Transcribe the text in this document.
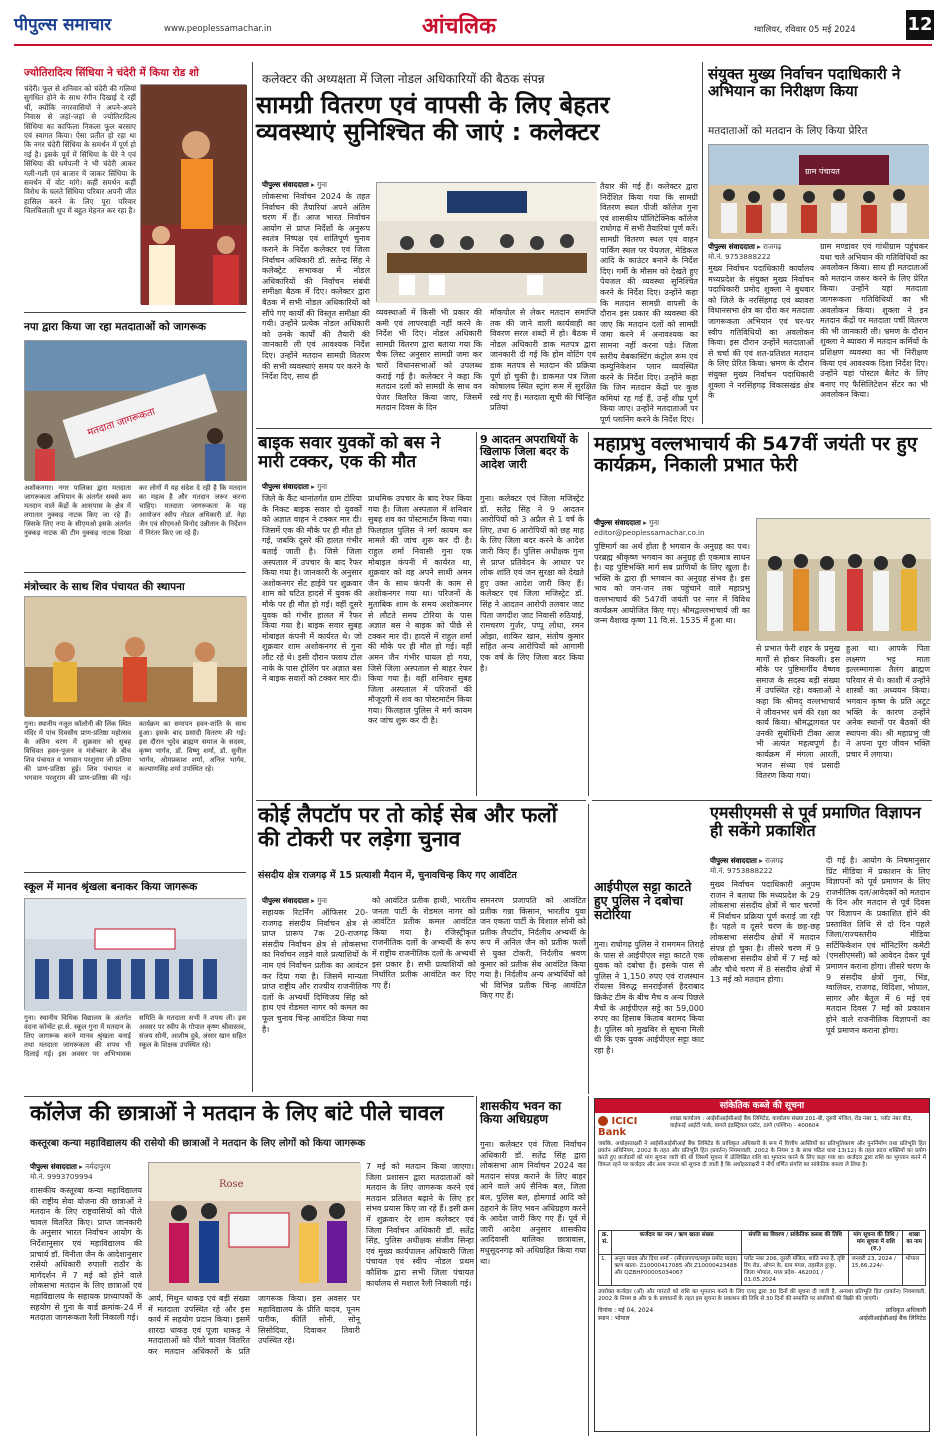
पीपुल्स समाचार	www.peoplessamachar.in	आंचलिक	ग्वालियर, रविवार 05 मई 2024	12
ज्योतिरादित्य सिंधिया ने चंदेरी में किया रोड शो
चंदेरी। फूल से शनिवार को चंदेरी की गलियां सुगंधित होने के साथ रंगीन दिखाई दे रहीं थीं, क्योंकि नगरवासियों ने अपने-अपने निवास से जहां-जहां से ज्योतिरादित्य सिंधिया का काफिला निकला फूल बरसाए एवं स्वागत किया। ऐसा प्रतीत हो रहा था कि नगर चंदेरी सिंधिया के समर्थन में पूर्ण हो गई है। इसके पूर्व में सिंधिया के घेरे ने एवं सिंधिया की धर्मपत्नी ने भी चंदेरी आकर गली-गली एवं बाजार में जाकर सिंधिया के समर्थन में वोट मांगे। कहीं समर्थन कहीं विरोध के चलते सिंधिया परिवार अपनी जीत हासिल करने के लिए पूरा परिवार चिलचिलाती धूप में बहुत मेहनत कर रहा है।
नपा द्वारा किया जा रहा मतदाताओं को जागरूक
मतदाता जागरूकता
अशोकनगर। नगर पालिका द्वारा मतदाता जागरूकता अभियान के अंतर्गत सबसे कम मतदान वाले केंद्रों के आसपास के क्षेत्र में लगातार नुक्कड़ नाटक किए जा रहे हैं। जिसके लिए नपा के सीएमओ इसके अंतर्गत नुक्कड़ नाटक की टीम नुक्कड़ नाटक दिखा कर लोगों में यह संदेश दे रही है कि मतदान का महत्व है और मतदान जरूर करना चाहिए। मतदाता जागरूकता के यह आयोजन स्वीप नोडल अधिकारी डॉ. नेहा जैन एवं सीएमओ विनोद उन्नीतान के निर्देशन में निरंतर किए जा रहे हैं।
मंत्रोच्चार के साथ शिव पंचायत की स्थापना
गुना। स्थानीय नजूल कॉलोनी की लिंक स्थित मंदिर में पांच दिवसीय प्राण-प्रतिष्ठा महोत्सव के अंतिम चरण में शुक्रवार को सुबह विधिवत हवन-पूजन व मंत्रोच्चार के बीच शिव पंचायत व भगवान परशुराम जी प्रतिमा की प्राण-प्रतिष्ठा हुई। शिव पंचायत व भगवान परशुराम की प्राण-प्रतिष्ठा की गई। कार्यक्रम का समापन हवन-शांति के साथ हुआ। इसके बाद प्रसादी वितरण की गई। इस दौरान भूदेव ब्राह्मण समाज के सदस्य, कृष्ण भार्गव, डॉ. विष्णु शर्मा, डॉ. सुनील भार्गव, ओमप्रकाश शर्मा, अनिल भार्गव, कल्याणसिंह शर्मा उपस्थित रहे।
स्कूल में मानव श्रृंखला बनाकर किया जागरूक
गुना। स्थानीय विधिक विद्यालय के अंतर्गत वंदना कॉन्वेंट हा.से. स्कूल गुना में मतदान के लिए जागरूक करने मानव श्रृंखला बनाई तथा मतदाता जागरूकता की शपथ भी दिलाई गई। इस अवसर पर अभिभावक समिति के मतदाता सभी ने शपथ ली। इस अवसर पर स्वीप के गोपाल कृष्ण श्रीवास्तव, संजय सोनी, आशीष दुबे, अंसार खान सहित स्कूल के शिक्षक उपस्थित रहे।
कलेक्टर की अध्यक्षता में जिला नोडल अधिकारियों की बैठक संपन्न
सामग्री वितरण एवं वापसी के लिए बेहतर व्यवस्थाएं सुनिश्चित की जाएं : कलेक्टर
पीपुल्स संवाददाता ▸ गुना
लोकसभा निर्वाचन 2024 के तहत निर्वाचन की तैयारियां अपने अंतिम चरण में हैं। आज भारत निर्वाचन आयोग से प्राप्त निर्देशों के अनुरूप स्वतंत्र निष्पक्ष एवं शांतिपूर्ण चुनाव कराने के निर्देश कलेक्टर एवं जिला निर्वाचन अधिकारी डॉ. सतेन्द्र सिंह ने कलेक्ट्रेट सभाकक्ष में नोडल अधिकारियों की निर्वाचन संबंधी समीक्षा बैठक में दिए। कलेक्टर द्वारा बैठक में सभी नोडल अधिकारियों को सौंपे गए कार्यों की विस्तृत समीक्षा की गयी। उन्होंने प्रत्येक नोडल अधिकारी को उनके कार्यों की तैयारी की जानकारी ली एवं आवश्यक निर्देश दिए। उन्होंने मतदान सामग्री वितरण की सभी व्यवस्थाएं समय पर करने के निर्देश दिए, साथ ही
व्यवस्थाओं में किसी भी प्रकार की कमी एवं लापरवाही नहीं करने के निर्देश भी दिए। नोडल अधिकारी सामग्री वितरण द्वारा बताया गया कि चैक लिस्ट अनुसार सामग्री जमा कर चारों विधानसभाओं को उपलब्ध कराई गई है। कलेक्टर ने कहा कि मतदान दलों को सामग्री के साथ वन पेजर वितरित किया जाए, जिसमें मतदान दिवस के दिन
मॉकपोल से लेकर मतदान समाप्ति तक की जाने वाली कार्यवाही का विवरण सरल शब्दों में हो। बैठक में नोडल अधिकारी डाक मतपत्र द्वारा जानकारी दी गई कि होम वोटिंग एवं डाक मतपत्र से मतदान की प्रक्रिया पूर्ण हो चुकी है। डाकमत पत्र जिला कोषालय स्थित स्ट्रांग रूम में सुरक्षित रखे गए हैं। मतदाता सूची की चिन्हित प्रतियां
तैयार की गई हैं। कलेक्टर द्वारा निर्देशित किया गया कि सामग्री वितरण स्थल पीजी कॉलेज गुना एवं शासकीय पॉलिटेक्निक कॉलेज राघोगढ़ में सभी तैयारियां पूर्ण करें। सामग्री वितरण स्थल एवं वाहन पार्किंग स्थल पर पेयजल, मेडिकल आदि के काउंटर बनाने के निर्देश दिए। गर्मी के मौसम को देखते हुए पेयजल की व्यवस्था सुनिश्चित करने के निर्देश दिए। उन्होंने कहा कि मतदान सामग्री वापसी के दौरान इस प्रकार की व्यवस्था की जाए कि मतदान दलों को सामग्री जमा करने में अनावश्यक का सामना नहीं करना पड़े। जिला स्तरीय वेबकास्टिंग कंट्रोल रूम एवं कम्युनिकेशन प्लान व्यवस्थित करने के निर्देश दिए। उन्होंने कहा कि जिन मतदान केंद्रों पर कुछ कमियां रह गई हैं, उन्हें शीघ्र पूर्ण किया जाए। उन्होंने मतदाताओं पर पूर्ण प्लानिंग करने के निर्देश दिए।
संयुक्त मुख्य निर्वाचन पदाधिकारी ने अभियान का निरीक्षण किया
मतदाताओं को मतदान के लिए किया प्रेरित
ग्राम पंचायत
पीपुल्स संवाददाता ▸ राजगढ़
मो.नं. 9753888222
मुख्य निर्वाचन पदाधिकारी कार्यालय मध्यप्रदेश के संयुक्त मुख्य निर्वाचन पदाधिकारी प्रमोद शुक्ला ने बुधवार को जिले के नरसिंहगढ़ एवं ब्यावरा विधानसभा क्षेत्र का दौरा कर मतदाता जागरूकता अभियान एवं घर-घर स्वीप गतिविधियों का अवलोकन किया। इस दौरान उन्होंने मतदाताओं से चर्चा की एवं शत-प्रतिशत मतदान के लिए प्रेरित किया। भ्रमण के दौरान संयुक्त मुख्य निर्वाचन पदाधिकारी शुक्ला ने नरसिंहगढ़ विकासखंड क्षेत्र के
ग्राम मण्डावर एवं गांधीग्राम पहुंचकर यथा चले अभियान की गतिविधियों का अवलोकन किया। साथ ही मतदाताओं को मतदान जरूर करने के लिए प्रेरित किया। उन्होंने यहां मतदाता जागरूकता गतिविधियों का भी अवलोकन किया। शुक्ला ने इन मतदान केंद्रों पर मतदाता पर्ची वितरण की भी जानकारी ली। भ्रमण के दौरान शुक्ला ने ब्यावरा में मतदान कर्मियों के प्रशिक्षण व्यवस्था का भी निरीक्षण किया एवं आवश्यक दिशा निर्देश दिए। उन्होंने यहां पोस्टल बैलेट के लिए बनाए गए फैसिलिटेशन सेंटर का भी अवलोकन किया।
बाइक सवार युवकों को बस ने मारी टक्कर, एक की मौत
पीपुल्स संवाददाता ▸ गुना
जिले के कैंट थानांतर्गत ग्राम टोरिया के निकट बाइक सवार दो युवकों को अज्ञात वाहन ने टक्कर मार दी। जिसमें एक की मौके पर ही मौत हो गई, जबकि दूसरे की हालत गंभीर बताई जाती है। जिसे जिला अस्पताल में उपचार के बाद रैफर किया गया है। जानकारी के अनुसार अशोकनगर सेंट हाईवे पर शुक्रवार शाम को घटित हादसे में युवक की मौके पर ही मौत हो गई। वहीं दूसरे युवक को गंभीर हालत में रैफर किया गया है। बाइक सवार सुबह मोबाइल कंपनी में कार्यरत थे। जो शुक्रवार शाम अशोकनगर से गुना लौट रहे थे। इसी दौरान फ्लाय टोल नाके के पास ट्रोलिंग पर अज्ञात बस ने बाइक सवारों को टक्कर मार दी।
प्राथमिक उपचार के बाद रेफर किया गया है। जिला अस्पताल में शनिवार सुबह शव का पोस्टमार्टम किया गया। फिलहाल पुलिस ने मर्ग कायम कर मामले की जांच शुरू कर दी है। राहुल शर्मा निवासी गुना एक मोबाइल कंपनी में कार्यरत था, शुक्रवार को वह अपने साथी अमन जैन के साथ कंपनी के काम से अशोकनगर गया था। परिजनों के मुताबिक शाम के समय अशोकनगर से लौटते समय टोरिया के पास अज्ञात बस ने बाइक को पीछे से टक्कर मार दी। हादसे में राहुल शर्मा की मौके पर ही मौत हो गई। वहीं अमन जैन गंभीर घायल हो गया, जिसे जिला अस्पताल से बाहर रेफर किया गया है। वहीं शनिवार सुबह जिला अस्पताल में परिजनों की मौजूदगी में शव का पोस्टमार्टम किया गया। फिलहाल पुलिस ने मर्ग कायम कर जांच शुरू कर दी है।
9 आदतन अपराधियों के खिलाफ जिला बदर के आदेश जारी
गुना। कलेक्टर एवं जिला मजिस्ट्रेट डॉ. सतेंद्र सिंह ने 9 आदतन आरोपियों को 3 अप्रैल से 1 वर्ष के लिए, तथा 6 आरोपियों को छह माह के लिए जिला बदर करने के आदेश जारी किए हैं। पुलिस अधीक्षक गुना से प्राप्त प्रतिवेदन के आधार पर लोक शांति एवं जन सुरक्षा को देखते हुए उक्त आदेश जारी किए हैं। कलेक्टर एवं जिला मजिस्ट्रेट डॉ. सिंह ने आदतन आरोपी तलवार जाट पिता जगदीश जाट निवासी रुठियाई, रामचरण गुर्जर, पप्पू लोधा, रमन ओझा, शाकिर खान, संतोष कुमार सहित अन्य आरोपियों को आगामी एक वर्ष के लिए जिला बदर किया है।
महाप्रभु वल्लभाचार्य की 547वीं जयंती पर हुए कार्यक्रम, निकाली प्रभात फेरी
पीपुल्स संवाददाता ▸ गुना
editor@peoplessamachar.co.in
पुष्टिमार्ग का अर्थ होता है भगवान के अनुग्रह का पथ। परब्रह्म श्रीकृष्ण भगवान का अनुग्रह ही एकमात्र साधन है। यह पुष्टिभक्ति मार्ग सब प्राणियों के लिए खुला है। भक्ति के द्वारा ही भगवान का अनुग्रह संभव है। इस भाव को जन-जन तक पहुंचाने वाले महाप्रभु वल्लभाचार्य की 547वीं जयंती पर नगर में विविध कार्यक्रम आयोजित किए गए। श्रीमद्वल्लभाचार्य जी का जन्म वैशाख कृष्ण 11 वि.सं. 1535 में हुआ था।
से प्रभात फेरी शहर के प्रमुख मार्गों से होकर निकली। इस मौके पर पुष्टिमार्गीय वैष्णव समाज के सदस्य बड़ी संख्या में उपस्थित रहे। वक्ताओं ने कहा कि श्रीमद् वल्लभाचार्य ने जीवनभर धर्म की रक्षा का कार्य किया। श्रीमद्भागवत पर उनकी सुबोधिनी टीका आज भी अत्यंत महत्वपूर्ण है। कार्यक्रम में मंगला आरती, भजन संध्या एवं प्रसादी वितरण किया गया।
हुआ था। आपके पिता लक्ष्मण भट्ट माता इल्लम्मागारू तैलंग ब्राह्मण परिवार से थे। काशी में उन्होंने शास्त्रों का अध्ययन किया। भगवान कृष्ण के प्रति अटूट भक्ति के कारण उन्होंने अनेक स्थानों पर बैठकों की स्थापना की। श्री महाप्रभु जी ने अपना पूरा जीवन भक्ति प्रचार में लगाया।
कोई लैपटॉप पर तो कोई सेब और फलों की टोकरी पर लड़ेगा चुनाव
संसदीय क्षेत्र राजगढ़ में 15 प्रत्याशी मैदान में, चुनावचिन्ह किए गए आवंटित
पीपुल्स संवाददाता ▸ गुना
सहायक रिटर्निंग ऑफिसर 20-राजगढ़ संसदीय निर्वाचन क्षेत्र से प्राप्त प्रारूप 7क 20-राजगढ़ संसदीय निर्वाचन क्षेत्र से लोकसभा का निर्वाचन लड़ने वाले प्रत्याशियों के नाम एवं निर्वाचन प्रतीक का आवंटन कर दिया गया है। जिसमें मान्यता प्राप्त राष्ट्रीय और राज्यीय राजनीतिक दलों के अभ्यर्थी दिग्विजय सिंह को हाथ एवं रोडमल नागर को कमल का फूल चुनाव चिन्ह आवंटित किया गया है।
को आवंटित प्रतीक हाथी, भारतीय जनता पार्टी के रोडमल नागर को आवंटित प्रतीक कमल आवंटित किया गया है। रजिस्ट्रीकृत राजनीतिक दलों के अभ्यर्थी के रूप में राष्ट्रीय राजनीतिक दलों के अभ्यर्थी इस प्रकार है। सभी प्रत्याशियों को निर्धारित प्रतीक आवंटित कर दिए गए हैं।
समनरण प्रजापति को आवंटित प्रतीक गन्ना किसान, भारतीय युवा जन एकता पार्टी के विशाल सोनी को प्रतीक लैपटॉप, निर्दलीय अभ्यर्थी के रूप में अनिल जैन को प्रतीक फलों से युक्त टोकरी, निर्दलीय श्रवण कुमार को प्रतीक सेब आवंटित किया गया है। निर्दलीय अन्य अभ्यर्थियों को भी विभिन्न प्रतीक चिन्ह आवंटित किए गए हैं।
आईपीएल सट्टा काटते हुए पुलिस ने दबोचा सटोरिया
गुना। राघोगढ़ पुलिस ने रामगमन तिराहे के पास से आईपीएल सट्टा काटते एक युवक को दबोचा है। इसके पास से पुलिस ने 1,150 रुपए एवं राजस्थान रॉयल्स विरुद्ध सनराईजर्स हैदराबाद क्रिकेट टीम के बीच मैच व अन्य पिछले मैचों के आईपीएल सट्टे का 59,000 रुपए का हिसाब किताब बरामद किया है। पुलिस को मुखबिर से सूचना मिली थी कि एक युवक आईपीएल सट्टा काट रहा है।
एमसीएमसी से पूर्व प्रमाणित विज्ञापन ही सकेंगे प्रकाशित
पीपुल्स संवाददाता ▸ राजगढ़
मो.नं. 9753888222
मुख्य निर्वाचन पदाधिकारी अनुपम राजन ने बताया कि मध्यप्रदेश के 29 लोकसभा संसदीय क्षेत्रों में चार चरणों में निर्वाचन प्रक्रिया पूर्ण कराई जा रही है। पहले व दूसरे चरण के छह-छह लोकसभा संसदीय क्षेत्रों में मतदान संपन्न हो चुका है। तीसरे चरण में 9 लोकसभा संसदीय क्षेत्रों में 7 मई को और चौथे चरण में 8 संसदीय क्षेत्रों में 13 मई को मतदान होगा।
दी गई है। आयोग के निषमानुसार प्रिंट मीडिया में प्रकाशन के लिए विज्ञापनों को पूर्व प्रमाणन के लिए राजनीतिक दल/आवेदकों को मतदान के दिन और मतदान से पूर्व दिवस पर विज्ञापन के प्रकाशित होने की प्रस्तावित तिथि से दो दिन पहले जिला/राज्यस्तरीय मीडिया सर्टिफिकेशन एवं मॉनिटरिंग कमेटी (एमसीएमसी) को आवेदन देकर पूर्व प्रमाणन कराना होगा। तीसरे चरण के 9 संसदीय क्षेत्रों गुना, भिंड, ग्वालियर, राजगढ़, विदिशा, भोपाल, सागर और बैतूल में 6 मई एवं मतदान दिवस 7 मई को प्रकाशन होने वाले राजनीतिक विज्ञापनों का पूर्व प्रमाणन कराना होगा।
शासकीय भवन का किया अधिग्रहण
गुना। कलेक्टर एवं जिला निर्वाचन अधिकारी डॉ. सतेंद्र सिंह द्वारा लोकसभा आम निर्वाचन 2024 का मतदान संपन्न कराने के लिए बाहर आने वाले अर्ध सैनिक बल, जिला बल, पुलिस बल, होमगार्ड आदि को ठहराने के लिए भवन अधिग्रहण करने के आदेश जारी किए गए हैं। पूर्व में जारी आदेश अनुसार शासकीय आदिवासी बालिका छात्रावास, मधुसूदनगढ़ को अधिग्रहित किया गया था।
कॉलेज की छात्राओं ने मतदान के लिए बांटे पीले चावल
कस्तूरबा कन्या महाविद्यालय की रासेयो की छात्राओं ने मतदान के लिए लोगों को किया जागरूक
पीपुल्स संवाददाता ▸ नर्मदापुरम
मो.नं. 9993709994
शासकीय कस्तूरबा कन्या महाविद्यालय की राष्ट्रीय सेवा योजना की छात्राओं ने मतदान के लिए राष्ट्रवासियों को पीले चावल वितरित किए। प्राप्त जानकारी के अनुसार भारत निर्वाचन आयोग के निर्देशानुसार एवं महाविद्यालय की प्राचार्य डॉ. विनीता जैन के आदेशानुसार रासेयो अधिकारी रुपाली राठौर के मार्गदर्शन में 7 मई को होने वाले लोकसभा मतदान के लिए छात्राओं एवं महाविद्यालय के सहायक प्राध्यापकों के सहयोग से गुना के वार्ड क्रमांक-24 में मतदाता जागरूकता रैली निकाली गई।
Rose
आर्य, मिथुन धाकड़ एवं बड़ी संख्या में मतदाता उपस्थित रहे और इस कार्य में सहयोग प्रदान किया। इसमें शारदा धाकड़ एवं पूजा धाकड़ ने मतदाताओं को पीले चावल वितरित कर मतदान अधिकारों के प्रति जागरूक किया। इस अवसर पर महाविद्यालय के प्रीति यादव, पूनम पारीक, कीर्ति सोनी, सोनू सिसोदिया, दिवाकर तिवारी उपस्थित रहे।
7 मई को मतदान किया जाएगा। जिला प्रशासन द्वारा मतदाताओं को मतदान के लिए जागरूक करने एवं मतदान प्रतिशत बढ़ाने के लिए हर संभव प्रयास किए जा रहे हैं। इसी क्रम में शुक्रवार देर शाम कलेक्टर एवं जिला निर्वाचन अधिकारी डॉ. सतेंद्र सिंह, पुलिस अधीक्षक संजीव सिन्हा एवं मुख्य कार्यपालन अधिकारी जिला पंचायत एवं स्वीप नोडल प्रथम कौशिक द्वारा सभी जिला पंचायत कार्यालय से मशाल रैली निकाली गई।
सांकेतिक कब्जे की सूचना
ICICI Bank
शाखा कार्यालय : आईसीआईसीआई बैंक लिमिटेड, कार्यालय संख्या 201-बी, दूसरी मंजिल, रोड नंबर 1, प्लॉट नंबर बी3, वाईफाई आईटी पार्क, वागले इंडस्ट्रियल एस्टेट, ठाणे (पश्चिम) - 400604
जबकि, अधोहस्ताक्षरी ने आईसीआईसीआई बैंक लिमिटेड के प्राधिकृत अधिकारी के रूप में वित्तीय आस्तियों का प्रतिभूतिकरण और पुनर्निर्माण तथा प्रतिभूति हित प्रवर्तन अधिनियम, 2002 के तहत और प्रतिभूति हित (प्रवर्तन) नियमावली, 2002 के नियम 3 के साथ पठित धारा 13(12) के तहत प्रदत्त शक्तियों का प्रयोग करते हुए कर्जदारों को मांग सूचना जारी की थी जिसमें सूचना में उल्लिखित राशि का भुगतान करने के लिए कहा गया था। कर्जदार द्वारा राशि का भुगतान करने में विफल रहने पर कर्जदार और आम जनता को सूचना दी जाती है कि अधोहस्ताक्षरी ने नीचे वर्णित संपत्ति का सांकेतिक कब्जा ले लिया है।
क्र. सं.	कर्जदार का नाम / ऋण खाता संख्या	संपत्ति का विवरण / सांकेतिक कब्जा की तिथि	मांग सूचना की तिथि / मांग सूचना में राशि (रु.)	शाखा का नाम
1.	अनूप यादव और दिया शर्मा - (सीएलएएच/सपुत्र प्रमोद यादव) ऋण खाता- Z10000417085 और Z10000423488 और QZBHP00005034067	प्लॉट नंबर 206, दूसरी मंजिल, शांति नगर है, दृष्टि रिंग रोड, ओपन के, ग्राम मंगल, तहसील हुजूर, जिला भोपाल, मध्य प्रदेश- 462001 / 01.05.2024	जनवरी 23, 2024 / 15,66,224/-	भोपाल
उपरोक्त कर्जदार (ओं) और गारंटरों को राशि का भुगतान करने के लिए एतद् द्वारा 30 दिनों की सूचना दी जाती है, अन्यथा प्रतिभूति हित (प्रवर्तन) नियमावली, 2002 के नियम 8 और 9 के प्रावधानों के तहत इस सूचना के प्रकाशन की तिथि से 30 दिनों की समाप्ति पर संपत्तियों की बिक्री की जाएगी।
दिनांक : मई 04, 2024
स्थान : भोपाल
प्राधिकृत अधिकारी
आईसीआईसीआई बैंक लिमिटेड
